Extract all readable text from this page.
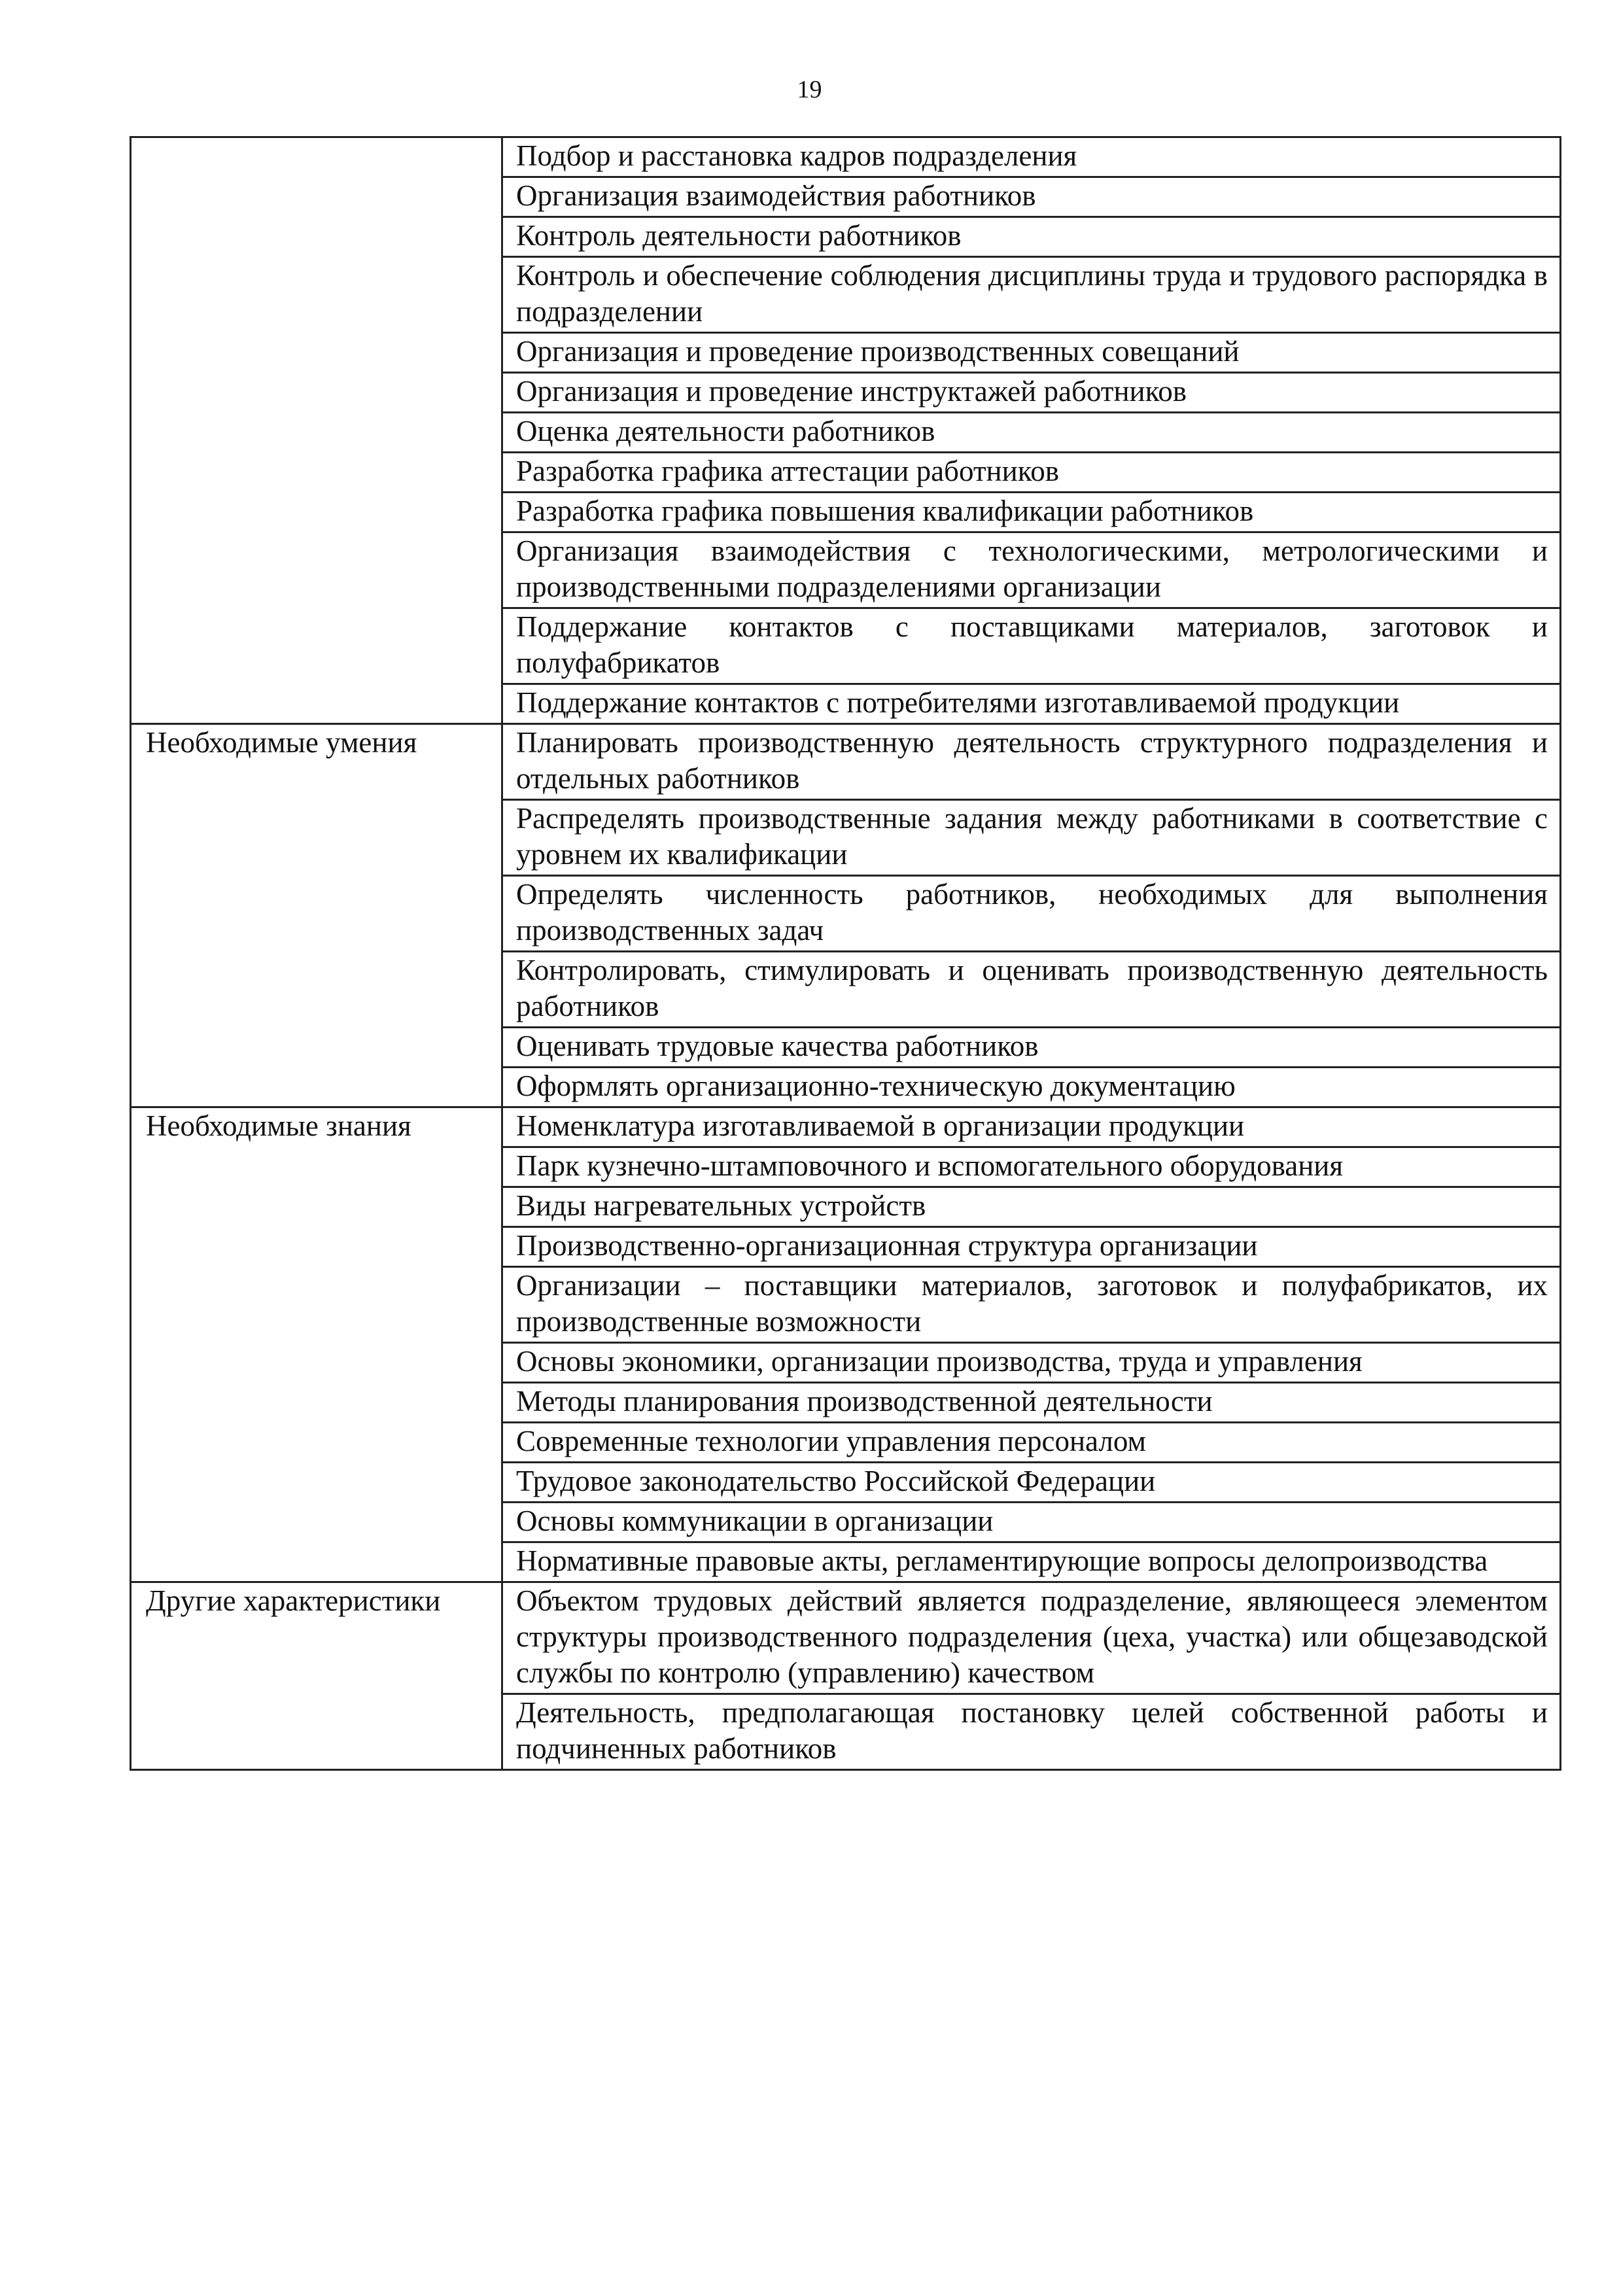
19
	Подбор и расстановка кадров подразделения
	Организация взаимодействия работников
	Контроль деятельности работников
	Контроль и обеспечение соблюдения дисциплины труда и трудового распорядка в подразделении
	Организация и проведение производственных совещаний
	Организация и проведение инструктажей работников
	Оценка деятельности работников
	Разработка графика аттестации работников
	Разработка графика повышения квалификации работников
	Организация взаимодействия с технологическими, метрологическими и производственными подразделениями организации
	Поддержание контактов с поставщиками материалов, заготовок и полуфабрикатов
	Поддержание контактов с потребителями изготавливаемой продукции
Необходимые умения	Планировать производственную деятельность структурного подразделения и отдельных работников
	Распределять производственные задания между работниками в соответствие с уровнем их квалификации
	Определять численность работников, необходимых для выполнения производственных задач
	Контролировать, стимулировать и оценивать производственную деятельность работников
	Оценивать трудовые качества работников
	Оформлять организационно-техническую документацию
Необходимые знания	Номенклатура изготавливаемой в организации продукции
	Парк кузнечно-штамповочного и вспомогательного оборудования
	Виды нагревательных устройств
	Производственно-организационная структура организации
	Организации – поставщики материалов, заготовок и полуфабрикатов, их производственные возможности
	Основы экономики, организации производства, труда и управления
	Методы планирования производственной деятельности
	Современные технологии управления персоналом
	Трудовое законодательство Российской Федерации
	Основы коммуникации в организации
	Нормативные правовые акты, регламентирующие вопросы делопроизводства
Другие характеристики	Объектом трудовых действий является подразделение, являющееся элементом структуры производственного подразделения (цеха, участка) или общезаводской службы по контролю (управлению) качеством
	Деятельность, предполагающая постановку целей собственной работы и подчиненных работников
